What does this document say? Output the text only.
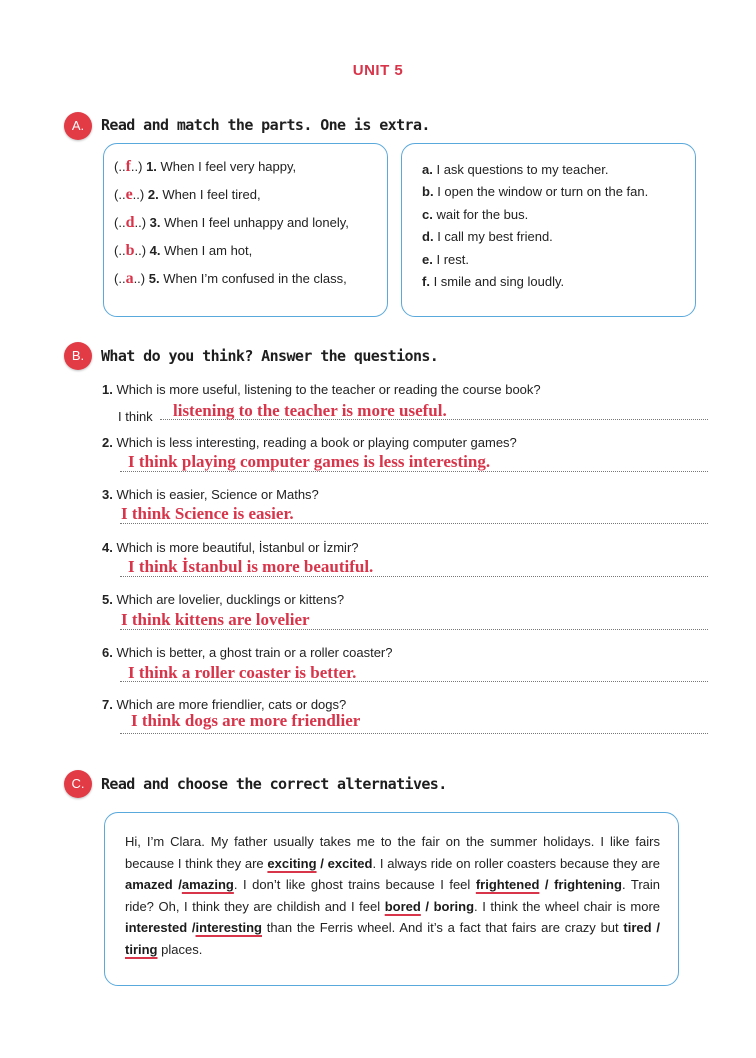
UNIT 5
A.	Read and match the parts. One is extra.
(..f..) 1. When I feel very happy,
(..e..) 2. When I feel tired,
(..d..) 3. When I feel unhappy and lonely,
(..b..) 4. When I am hot,
(..a..) 5. When I’m confused in the class,
a. I ask questions to my teacher.
b. I open the window or turn on the fan.
c. wait for the bus.
d. I call my best friend.
e. I rest.
f. I smile and sing loudly.
B.	What do you think? Answer the questions.
1. Which is more useful, listening to the teacher or reading the course book?
I think listening to the teacher is more useful.
2. Which is less interesting, reading a book or playing computer games?
I think playing computer games is less interesting.
3. Which is easier, Science or Maths?
I think Science is easier.
4. Which is more beautiful, İstanbul or İzmir?
I think İstanbul is more beautiful.
5. Which are lovelier, ducklings or kittens?
I think kittens are lovelier
6. Which is better, a ghost train or a roller coaster?
I think a roller coaster is better.
7. Which are more friendlier, cats or dogs?
I think dogs are more friendlier
C.	Read and choose the correct alternatives.
Hi, I’m Clara. My father usually takes me to the fair on the summer holidays. I like fairs because I think they are exciting / excited. I always ride on roller coasters because they are amazed /amazing. I don’t like ghost trains because I feel frightened / frightening. Train ride? Oh, I think they are childish and I feel bored / boring. I think the wheel chair is more interested /interesting than the Ferris wheel. And it’s a fact that fairs are crazy but tired / tiring places.
